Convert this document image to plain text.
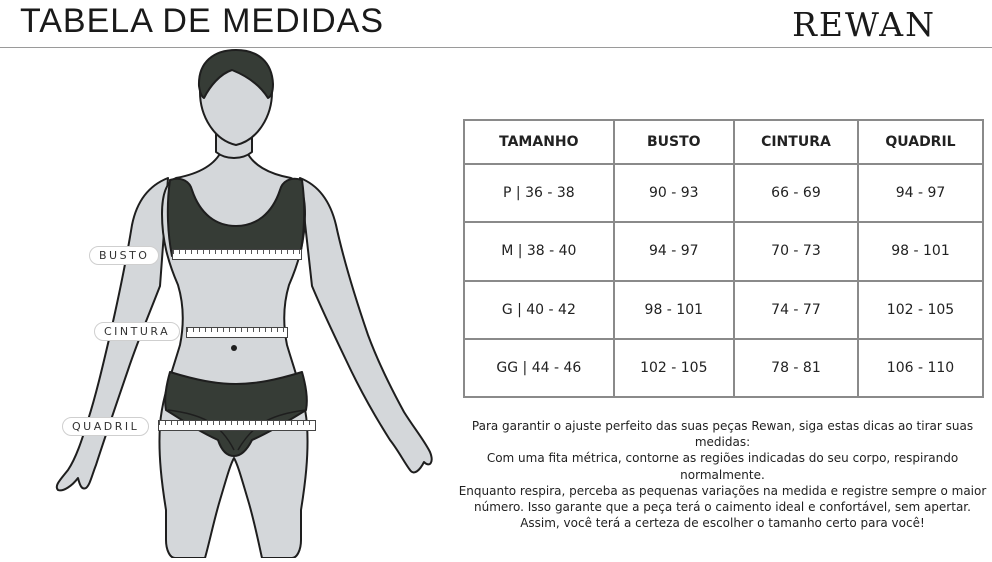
TABELA DE MEDIDAS	REWAN
BUSTO
CINTURA
QUADRIL
TAMANHO	BUSTO	CINTURA	QUADRIL
P | 36 - 38	90 - 93	66 - 69	94 - 97
M | 38 - 40	94 - 97	70 - 73	98 - 101
G | 40 - 42	98 - 101	74 - 77	102 - 105
GG | 44 - 46	102 - 105	78 - 81	106 - 110

Para garantir o ajuste perfeito das suas peças Rewan, siga estas dicas ao tirar suas medidas:

Com uma fita métrica, contorne as regiões indicadas do seu corpo, respirando normalmente.

Enquanto respira, perceba as pequenas variações na medida e registre sempre o maior número. Isso garante que a peça terá o caimento ideal e confortável, sem apertar.

Assim, você terá a certeza de escolher o tamanho certo para você!
